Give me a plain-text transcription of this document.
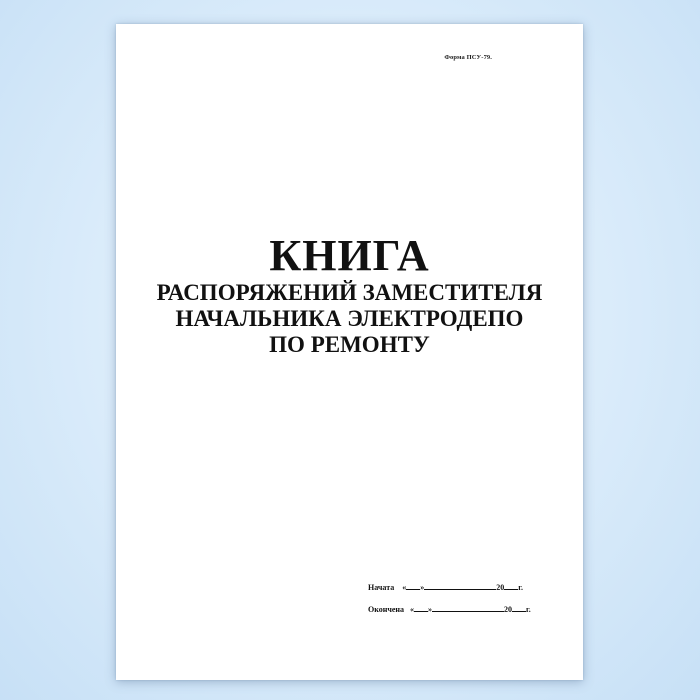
Форма ПСУ-79.
КНИГА
РАСПОРЯЖЕНИЙ ЗАМЕСТИТЕЛЯ НАЧАЛЬНИКА ЭЛЕКТРОДЕПО ПО РЕМОНТУ
Начата « »	20 г.
Окончена « »	20 г.
